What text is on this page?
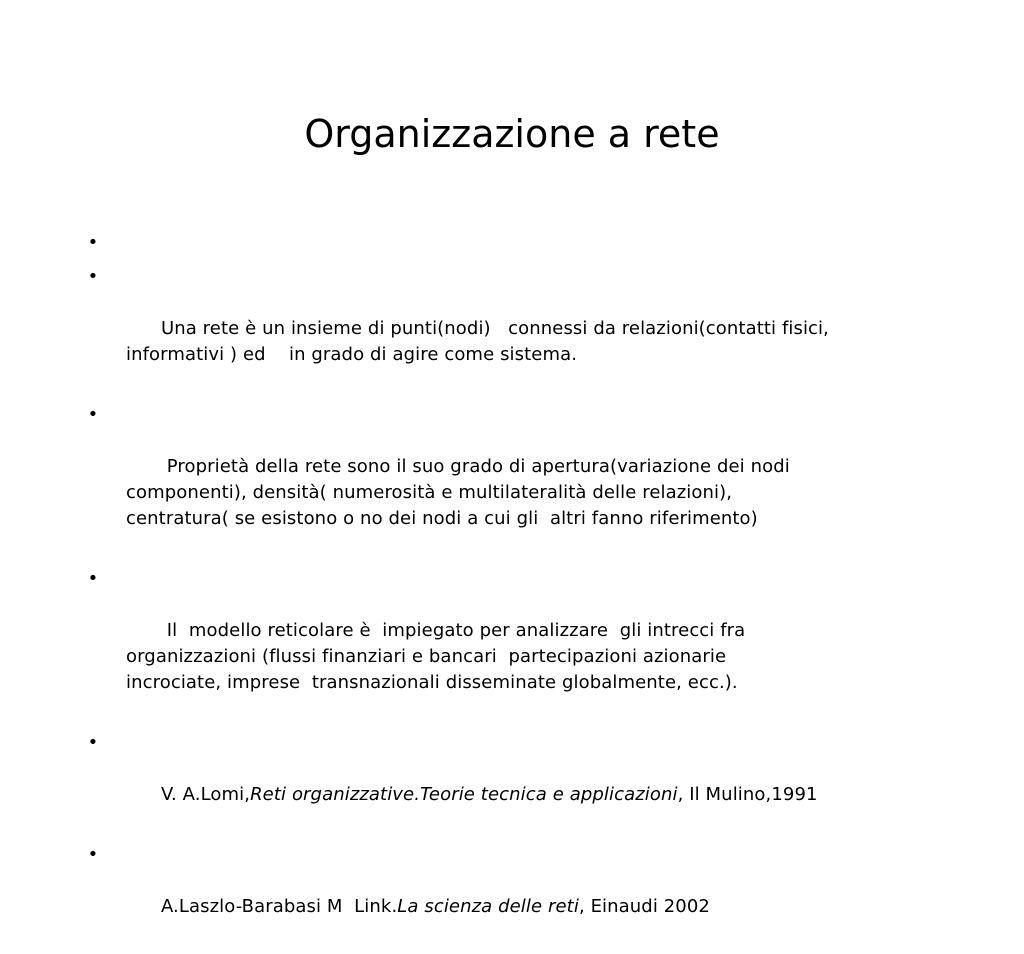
Organizzazione a rete

•

•

Una rete è un insieme di punti(nodi)   connessi da relazioni(contatti fisici,
informativi ) ed    in grado di agire come sistema.

•

Proprietà della rete sono il suo grado di apertura(variazione dei nodi
componenti), densità( numerosità e multilateralità delle relazioni),
centratura( se esistono o no dei nodi a cui gli  altri fanno riferimento)

•

Il  modello reticolare è  impiegato per analizzare  gli intrecci fra
organizzazioni (flussi finanziari e bancari  partecipazioni azionarie
incrociate, imprese  transnazionali disseminate globalmente, ecc.).

•

V. A.Lomi,Reti organizzative.Teorie tecnica e applicazioni, Il Mulino,1991

•

A.Laszlo-Barabasi M  Link.La scienza delle reti, Einaudi 2002
